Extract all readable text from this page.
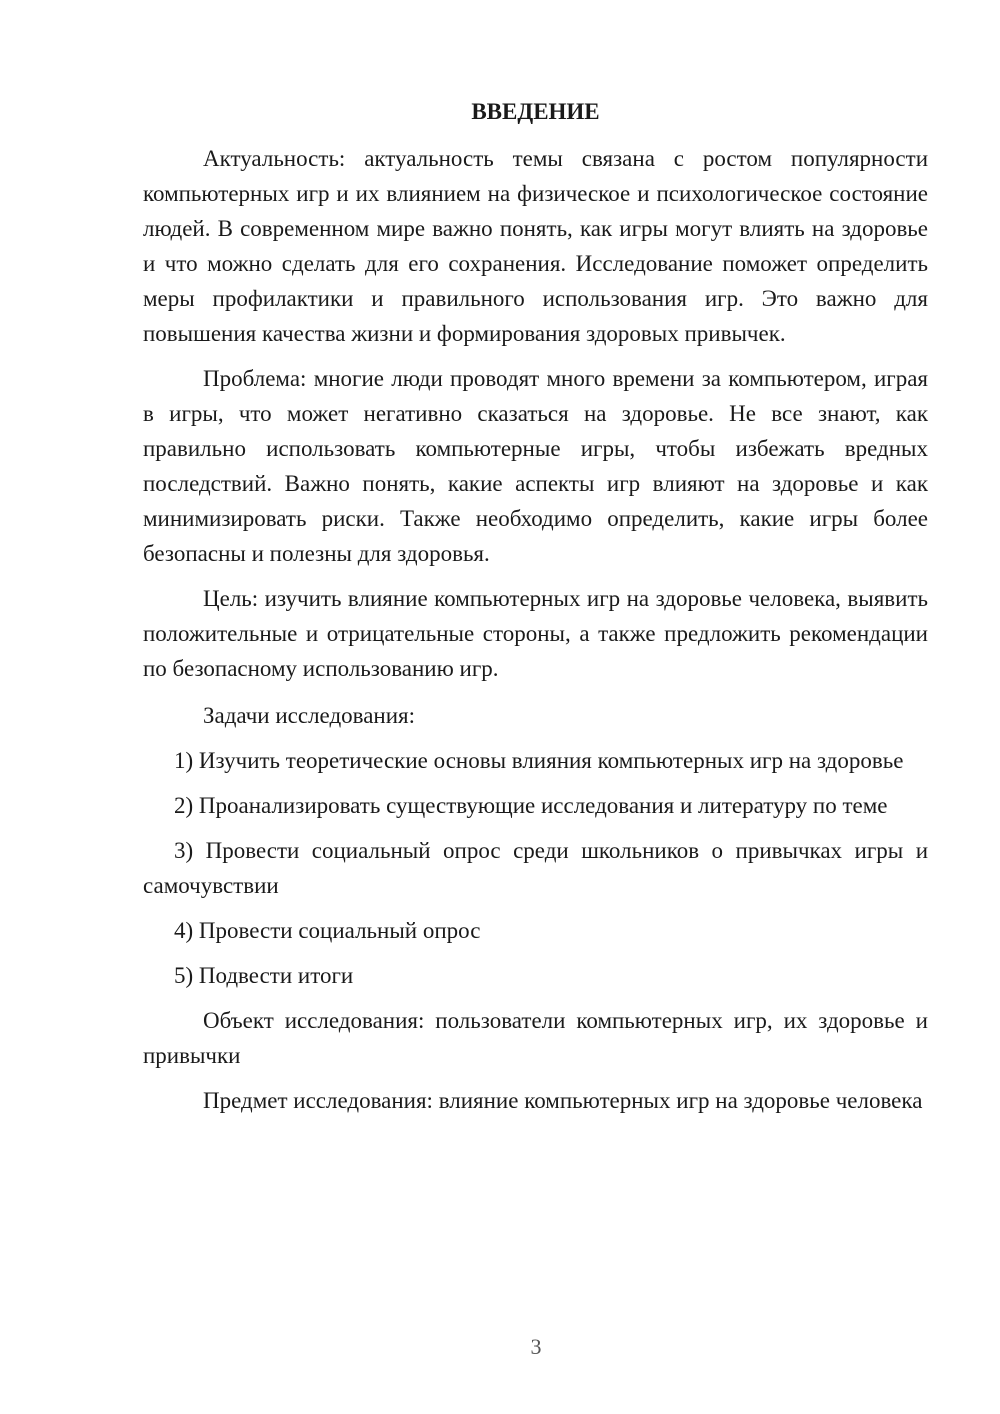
ВВЕДЕНИЕ

Актуальность: актуальность темы связана с ростом популярности компьютерных игр и их влиянием на физическое и психологическое состояние людей. В современном мире важно понять, как игры могут влиять на здоровье и что можно сделать для его сохранения. Исследование поможет определить меры профилактики и правильного использования игр. Это важно для повышения качества жизни и формирования здоровых привычек.

Проблема: многие люди проводят много времени за компьютером, играя в игры, что может негативно сказаться на здоровье. Не все знают, как правильно использовать компьютерные игры, чтобы избежать вредных последствий. Важно понять, какие аспекты игр влияют на здоровье и как минимизировать риски. Также необходимо определить, какие игры более безопасны и полезны для здоровья.

Цель: изучить влияние компьютерных игр на здоровье человека, выявить положительные и отрицательные стороны, а также предложить рекомендации по безопасному использованию игр.

Задачи исследования:

1) Изучить теоретические основы влияния компьютерных игр на здоровье

2) Проанализировать существующие исследования и литературу по теме

3) Провести социальный опрос среди школьников о привычках игры и самочувствии

4) Провести социальный опрос

5) Подвести итоги

Объект исследования: пользователи компьютерных игр, их здоровье и привычки

Предмет исследования: влияние компьютерных игр на здоровье человека

3
